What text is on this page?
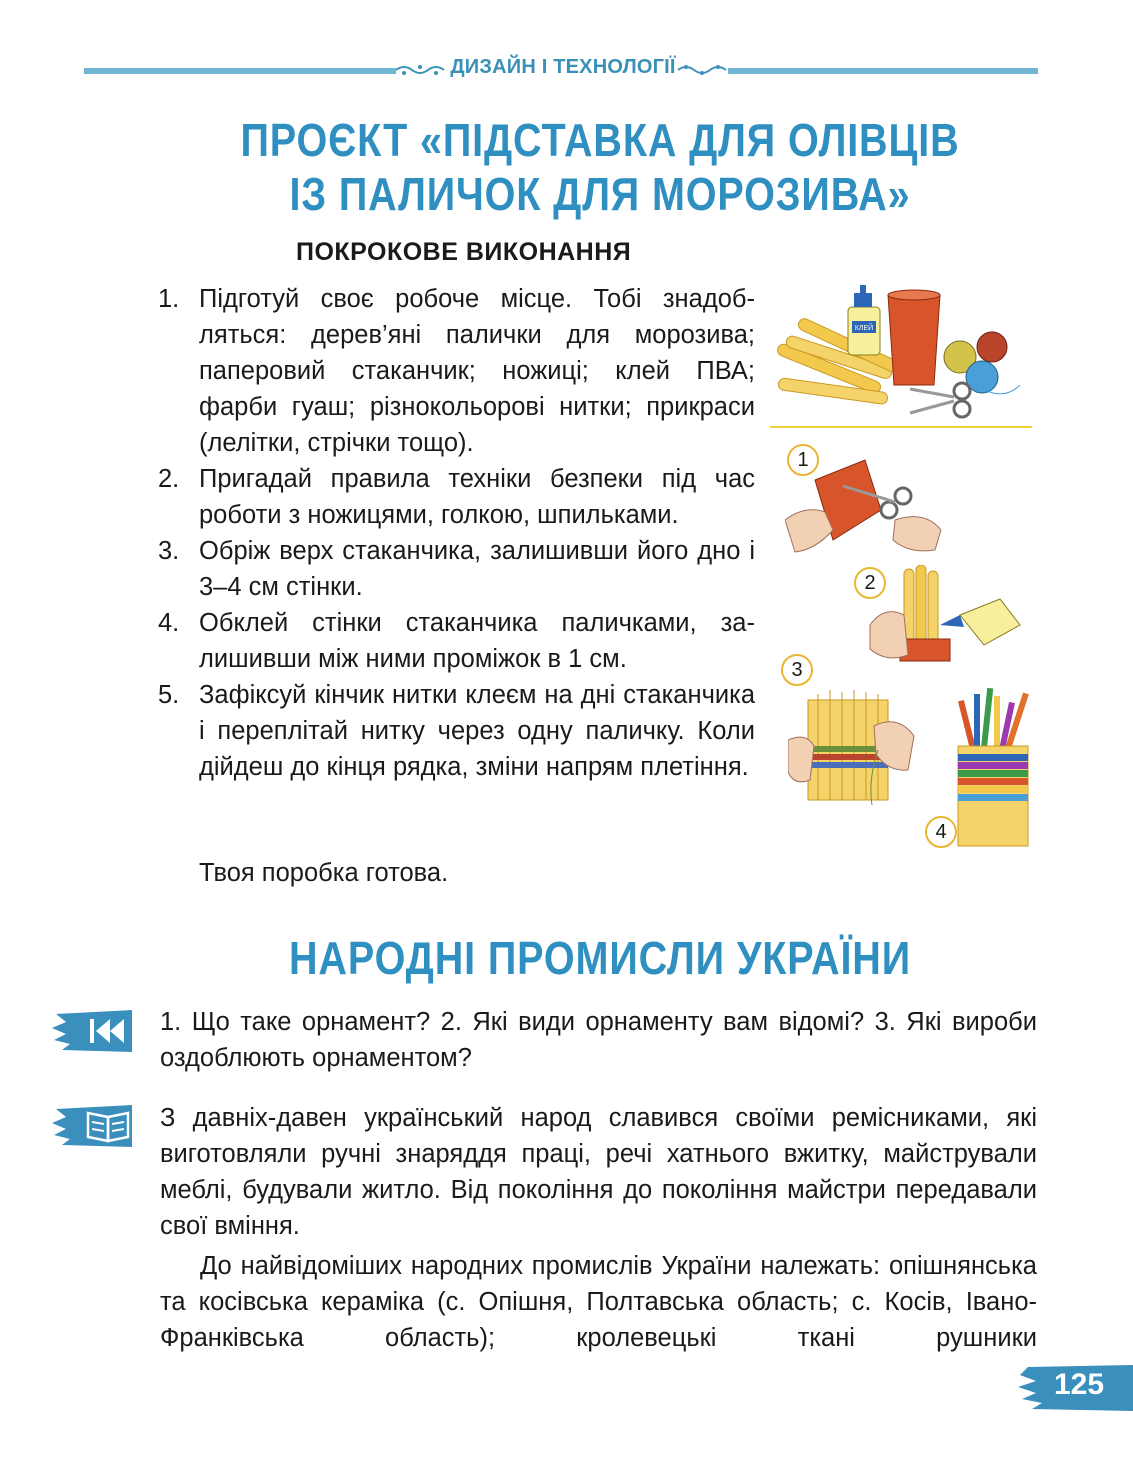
ДИЗАЙН І ТЕХНОЛОГІЇ
ПРОЄКТ «ПІДСТАВКА ДЛЯ ОЛІВЦІВ
ІЗ ПАЛИЧОК ДЛЯ МОРОЗИВА»
ПОКРОКОВЕ ВИКОНАННЯ
1. Підготуй своє робоче місце. Тобі знадобляться: дерев’яні палички для морозива; паперовий стаканчик; ножиці; клей ПВА; фарби гуаш; різнокольорові нитки; прикраси (лелітки, стрічки тощо).
2. Пригадай правила техніки безпеки під час роботи з ножицями, голкою, шпильками.
3. Обріж верх стаканчика, залишивши його дно і 3–4 см стінки.
4. Обклей стінки стаканчика паличками, залишивши між ними проміжок в 1 см.
5. Зафіксуй кінчик нитки клеєм на дні стаканчика і переплітай нитку через одну паличку. Коли дійдеш до кінця рядка, зміни напрям плетіння.
Твоя поробка готова.
КЛЕЙ
1
2
3
4
НАРОДНІ ПРОМИСЛИ УКРАЇНИ
1. Що таке орнамент? 2. Які види орнаменту вам відомі? 3. Які вироби оздоблюють орнаментом?

З давніх-давен український народ славився своїми ремісниками, які виготовляли ручні знаряддя праці, речі хатнього вжитку, майстрували меблі, будували житло. Від покоління до покоління майстри передавали свої вміння.

До найвідоміших народних промислів України належать: опішнянська та косівська кераміка (с. Опішня, Полтавська область; с. Косів, Івано-Франківська область); кролевецькі ткані рушники

125
